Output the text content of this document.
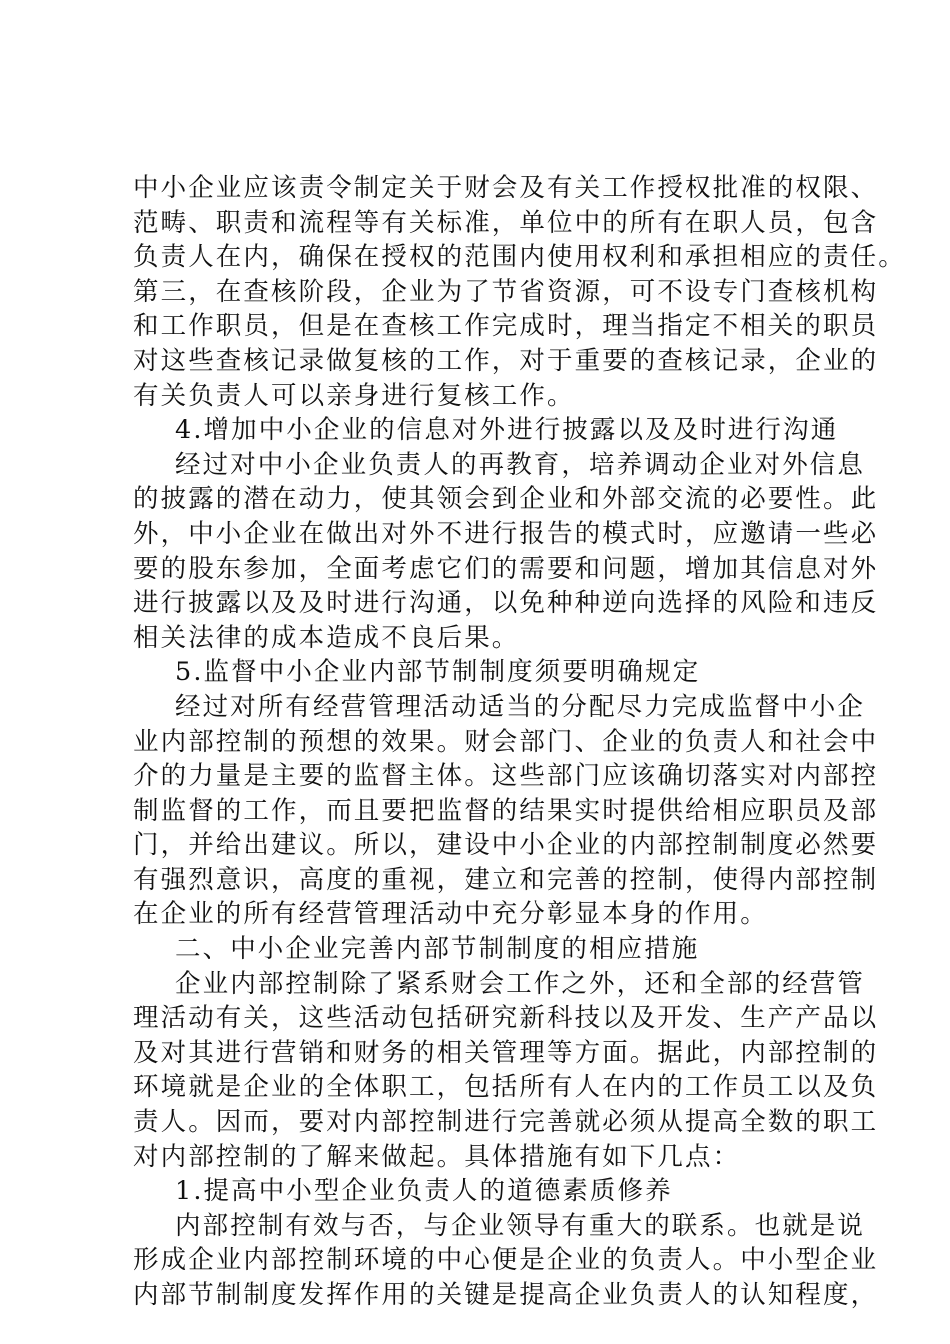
中小企业应该责令制定关于财会及有关工作授权批准的权限、
范畴、职责和流程等有关标准，单位中的所有在职人员，包含
负责人在内，确保在授权的范围内使用权利和承担相应的责任。
第三，在查核阶段，企业为了节省资源，可不设专门查核机构
和工作职员，但是在查核工作完成时，理当指定不相关的职员
对这些查核记录做复核的工作，对于重要的查核记录，企业的
有关负责人可以亲身进行复核工作。
4.增加中小企业的信息对外进行披露以及及时进行沟通
经过对中小企业负责人的再教育，培养调动企业对外信息
的披露的潜在动力，使其领会到企业和外部交流的必要性。此
外，中小企业在做出对外不进行报告的模式时，应邀请一些必
要的股东参加，全面考虑它们的需要和问题，增加其信息对外
进行披露以及及时进行沟通，以免种种逆向选择的风险和违反
相关法律的成本造成不良后果。
5.监督中小企业内部节制制度须要明确规定
经过对所有经营管理活动适当的分配尽力完成监督中小企
业内部控制的预想的效果。财会部门、企业的负责人和社会中
介的力量是主要的监督主体。这些部门应该确切落实对内部控
制监督的工作，而且要把监督的结果实时提供给相应职员及部
门，并给出建议。所以，建设中小企业的内部控制制度必然要
有强烈意识，高度的重视，建立和完善的控制，使得内部控制
在企业的所有经营管理活动中充分彰显本身的作用。
二、中小企业完善内部节制制度的相应措施
企业内部控制除了紧系财会工作之外，还和全部的经营管
理活动有关，这些活动包括研究新科技以及开发、生产产品以
及对其进行营销和财务的相关管理等方面。据此，内部控制的
环境就是企业的全体职工，包括所有人在内的工作员工以及负
责人。因而，要对内部控制进行完善就必须从提高全数的职工
对内部控制的了解来做起。具体措施有如下几点：
1.提高中小型企业负责人的道德素质修养
内部控制有效与否，与企业领导有重大的联系。也就是说
形成企业内部控制环境的中心便是企业的负责人。中小型企业
内部节制制度发挥作用的关键是提高企业负责人的认知程度，
